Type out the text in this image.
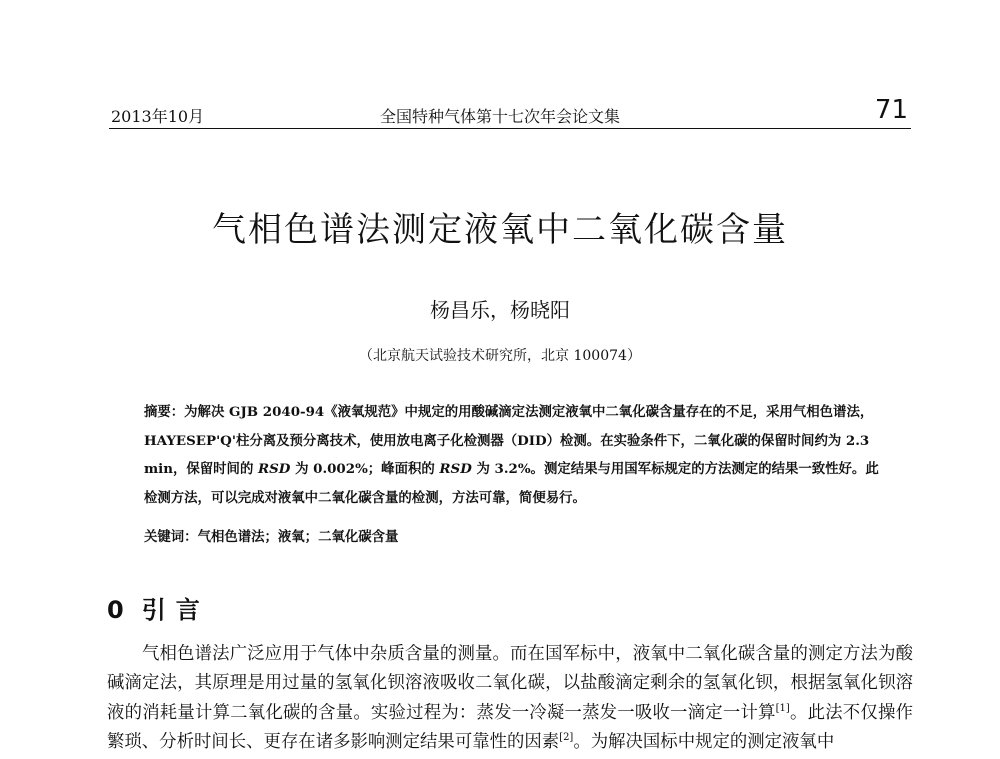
2013年10月	全国特种气体第十七次年会论文集	71
气相色谱法测定液氧中二氧化碳含量
杨昌乐，杨晓阳
（北京航天试验技术研究所，北京 100074）

摘要：为解决 GJB 2040-94《液氧规范》中规定的用酸碱滴定法测定液氧中二氧化碳含量存在的不足，采用气相色谱法，HAYESEP'Q'柱分离及预分离技术，使用放电离子化检测器（DID）检测。在实验条件下，二氧化碳的保留时间约为 2.3 min，保留时间的 RSD 为 0.002%；峰面积的 RSD 为 3.2%。测定结果与用国军标规定的方法测定的结果一致性好。此检测方法，可以完成对液氧中二氧化碳含量的检测，方法可靠，简便易行。

关键词：气相色谱法；液氧；二氧化碳含量
0 引言

气相色谱法广泛应用于气体中杂质含量的测量。而在国军标中，液氧中二氧化碳含量的测定方法为酸碱滴定法，其原理是用过量的氢氧化钡溶液吸收二氧化碳，以盐酸滴定剩余的氢氧化钡，根据氢氧化钡溶液的消耗量计算二氧化碳的含量。实验过程为：蒸发一冷凝一蒸发一吸收一滴定一计算[1]。此法不仅操作繁琐、分析时间长、更存在诸多影响测定结果可靠性的因素[2]。为解决国标中规定的测定液氧中
